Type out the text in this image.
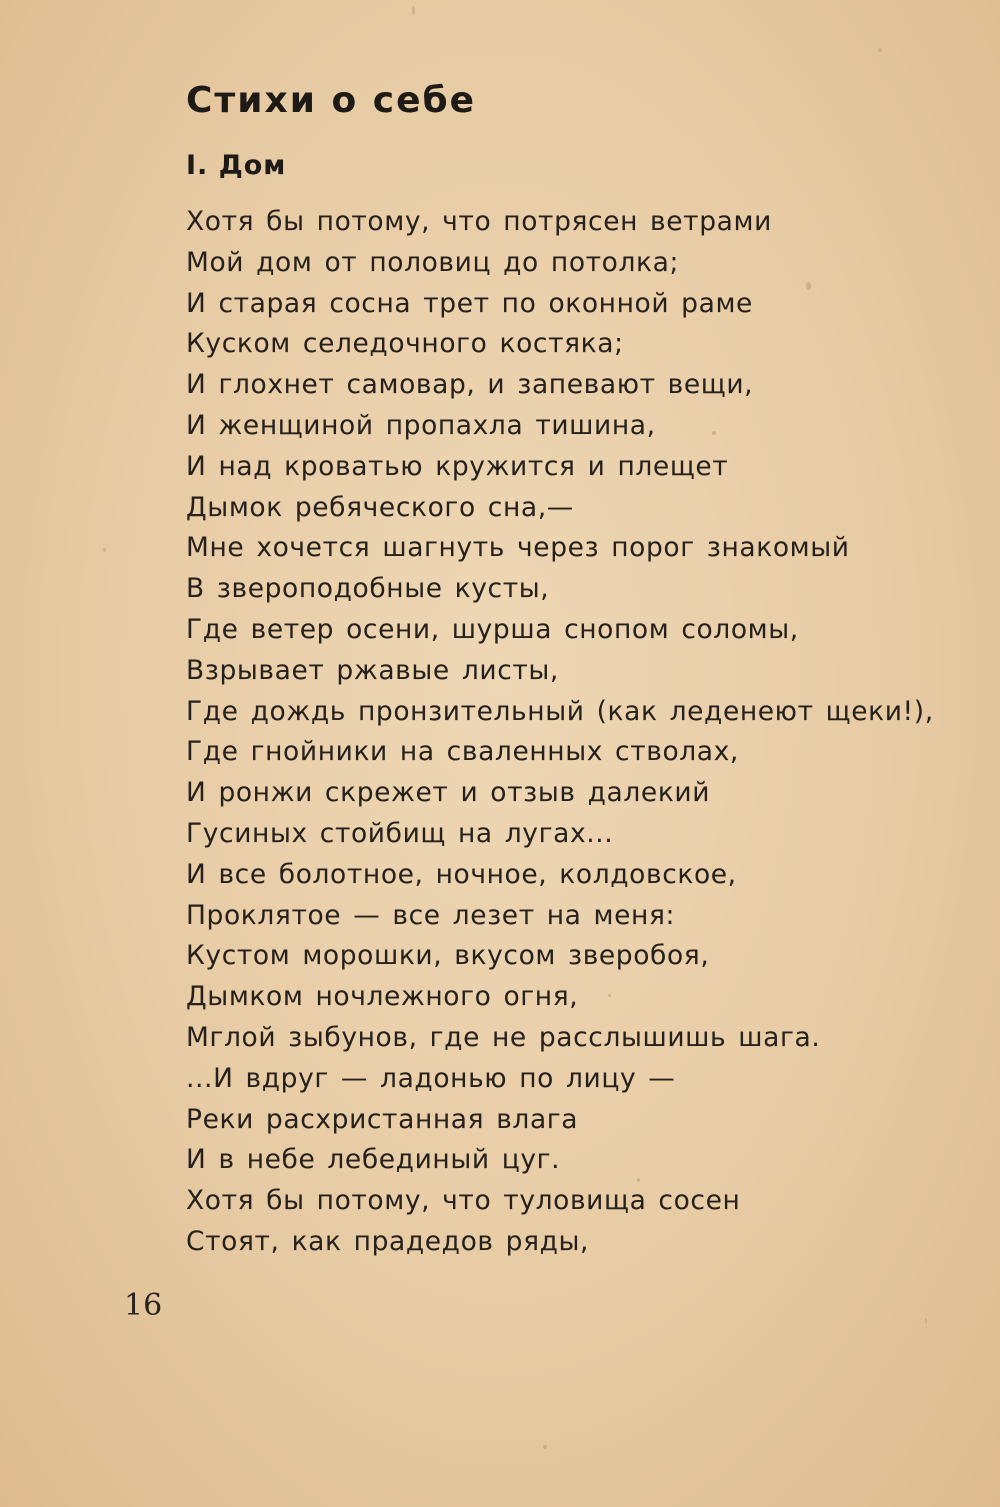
Стихи о себе
I. Дом
Хотя бы потому, что потрясен ветрами
Мой дом от половиц до потолка;
И старая сосна трет по оконной раме
Куском селедочного костяка;
И глохнет самовар, и запевают вещи,
И женщиной пропахла тишина,
И над кроватью кружится и плещет
Дымок ребяческого сна,—
Мне хочется шагнуть через порог знакомый
В звероподобные кусты,
Где ветер осени, шурша снопом соломы,
Взрывает ржавые листы,
Где дождь пронзительный (как леденеют щеки!),
Где гнойники на сваленных стволах,
И ронжи скрежет и отзыв далекий
Гусиных стойбищ на лугах...
И все болотное, ночное, колдовское,
Проклятое — все лезет на меня:
Кустом морошки, вкусом зверобоя,
Дымком ночлежного огня,
Мглой зыбунов, где не расслышишь шага.
...И вдруг — ладонью по лицу —
Реки расхристанная влага
И в небе лебединый цуг.
Хотя бы потому, что туловища сосен
Стоят, как прадедов ряды,
16
